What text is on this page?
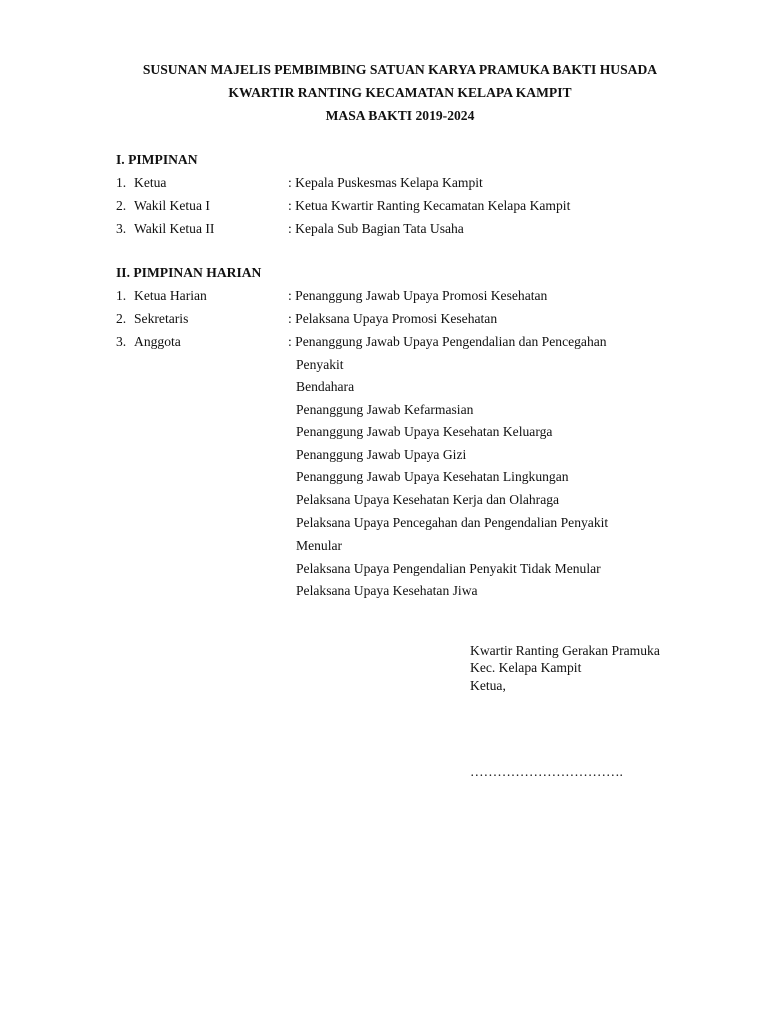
SUSUNAN MAJELIS PEMBIMBING SATUAN KARYA PRAMUKA BAKTI HUSADA
KWARTIR RANTING KECAMATAN KELAPA KAMPIT
MASA BAKTI 2019-2024
I. PIMPINAN
1. Ketua	: Kepala Puskesmas Kelapa Kampit
2. Wakil Ketua I	: Ketua Kwartir Ranting Kecamatan Kelapa Kampit
3. Wakil Ketua II	: Kepala Sub Bagian Tata Usaha
II. PIMPINAN HARIAN
1. Ketua Harian	: Penanggung Jawab Upaya Promosi Kesehatan
2. Sekretaris	: Pelaksana Upaya Promosi Kesehatan
3. Anggota	: Penanggung Jawab Upaya Pengendalian dan Pencegahan
Penyakit
Bendahara
Penanggung Jawab Kefarmasian
Penanggung Jawab Upaya Kesehatan Keluarga
Penanggung Jawab Upaya Gizi
Penanggung Jawab Upaya Kesehatan Lingkungan
Pelaksana Upaya Kesehatan Kerja dan Olahraga
Pelaksana Upaya Pencegahan dan Pengendalian Penyakit
Menular
Pelaksana Upaya Pengendalian Penyakit Tidak Menular
Pelaksana Upaya Kesehatan Jiwa
Kwartir Ranting Gerakan Pramuka
Kec. Kelapa Kampit
Ketua,
…………………………….
